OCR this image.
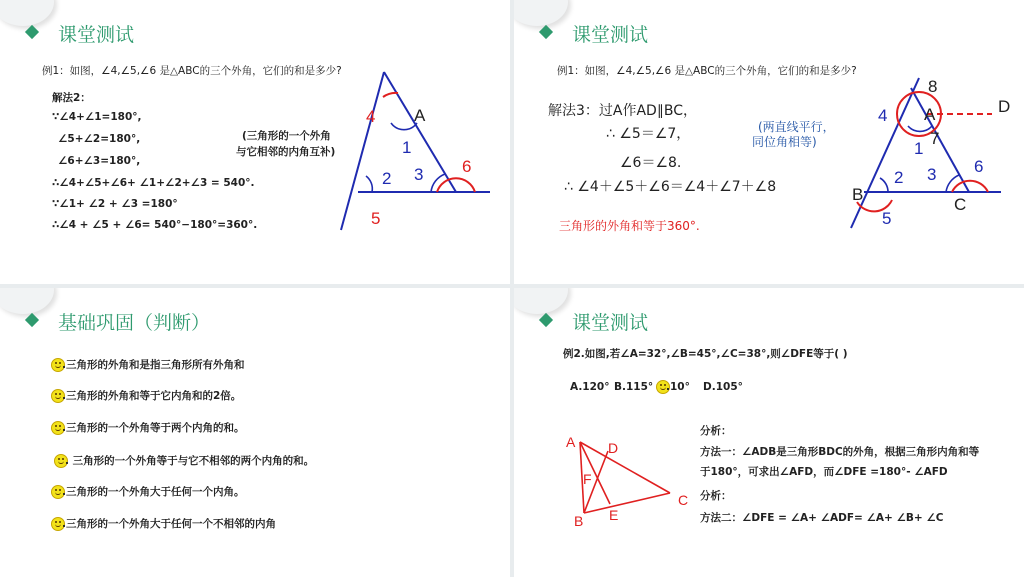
课堂测试
例1：如图，∠4,∠5,∠6 是△ABC的三个外角，它们的和是多少?
解法2：
∵∠4+∠1=180°,
∠5+∠2=180°,
∠6+∠3=180°,
∴∠4+∠5+∠6+ ∠1+∠2+∠3 = 540°.
∵∠1+ ∠2 + ∠3 =180°
∴∠4 + ∠5 + ∠6= 540°−180°=360°.
(三角形的一个外角
与它相邻的内角互补)
A
1
2 3
4
5
6
课堂测试
例1：如图，∠4,∠5,∠6 是△ABC的三个外角，它们的和是多少?
解法3：过A作AD∥BC，
∴ ∠5＝∠7，
∠6＝∠8.
∴ ∠4＋∠5＋∠6＝∠4＋∠7＋∠8
(两直线平行，
同位角相等)
三角形的外角和等于360°.
A
B
C
D
8
7
1
2 3
4
5
6
基础巩固（判断）
.三角形的外角和是指三角形所有外角和
.三角形的外角和等于它内角和的2倍。
.三角形的一个外角等于两个内角的和。
. 三角形的一个外角等于与它不相邻的两个内角的和。
.三角形的一个外角大于任何一个内角。
.三角形的一个外角大于任何一个不相邻的内角
课堂测试
例2.如图,若∠A=32°,∠B=45°,∠C=38°,则∠DFE等于( )
A.120° B.115° .10° D.105°
分析：
方法一：∠ADB是三角形BDC的外角，根据三角形内角和等
于180°，可求出∠AFD，而∠DFE =180°- ∠AFD
分析：
方法二：∠DFE = ∠A+ ∠ADF= ∠A+ ∠B+ ∠C
A
B
C
D
E
F
